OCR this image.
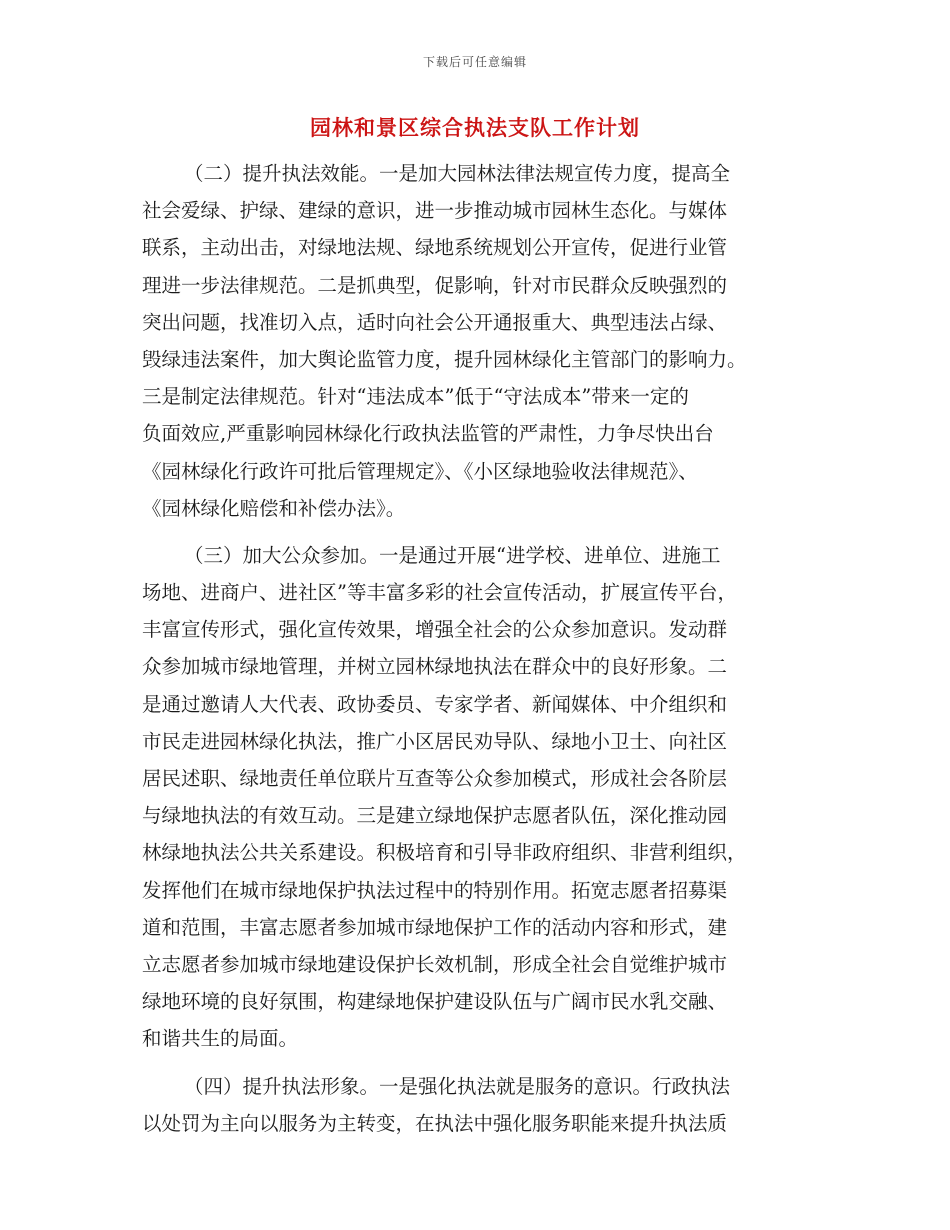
下载后可任意编辑
园林和景区综合执法支队工作计划
（二）提升执法效能。一是加大园林法律法规宣传力度，提高全
社会爱绿、护绿、建绿的意识，进一步推动城市园林生态化。与媒体
联系，主动出击，对绿地法规、绿地系统规划公开宣传，促进行业管
理进一步法律规范。二是抓典型，促影响，针对市民群众反映强烈的
突出问题，找准切入点，适时向社会公开通报重大、典型违法占绿、
毁绿违法案件，加大舆论监管力度，提升园林绿化主管部门的影响力。
三是制定法律规范。针对“违法成本”低于“守法成本”带来一定的
负面效应,严重影响园林绿化行政执法监管的严肃性，力争尽快出台
《园林绿化行政许可批后管理规定》、《小区绿地验收法律规范》、
《园林绿化赔偿和补偿办法》。
（三）加大公众参加。一是通过开展“进学校、进单位、进施工
场地、进商户、进社区”等丰富多彩的社会宣传活动，扩展宣传平台，
丰富宣传形式，强化宣传效果，增强全社会的公众参加意识。发动群
众参加城市绿地管理，并树立园林绿地执法在群众中的良好形象。二
是通过邀请人大代表、政协委员、专家学者、新闻媒体、中介组织和
市民走进园林绿化执法，推广小区居民劝导队、绿地小卫士、向社区
居民述职、绿地责任单位联片互查等公众参加模式，形成社会各阶层
与绿地执法的有效互动。三是建立绿地保护志愿者队伍，深化推动园
林绿地执法公共关系建设。积极培育和引导非政府组织、非营利组织，
发挥他们在城市绿地保护执法过程中的特别作用。拓宽志愿者招募渠
道和范围，丰富志愿者参加城市绿地保护工作的活动内容和形式，建
立志愿者参加城市绿地建设保护长效机制，形成全社会自觉维护城市
绿地环境的良好氛围，构建绿地保护建设队伍与广阔市民水乳交融、
和谐共生的局面。
（四）提升执法形象。一是强化执法就是服务的意识。行政执法
以处罚为主向以服务为主转变，在执法中强化服务职能来提升执法质
